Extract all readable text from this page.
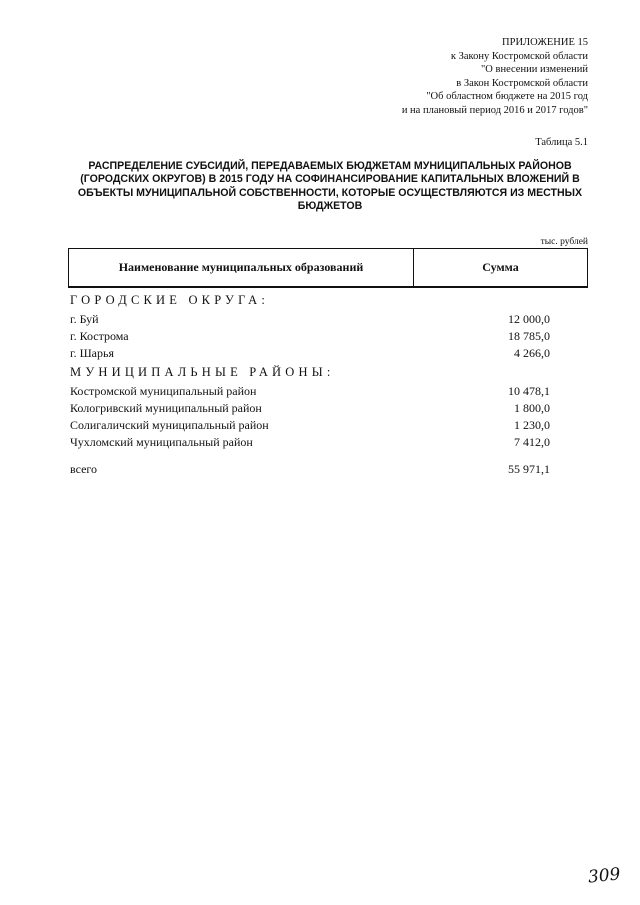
ПРИЛОЖЕНИЕ 15
к Закону Костромской области
"О внесении изменений
в Закон Костромской области
"Об областном бюджете на 2015 год
и на плановый период 2016 и 2017 годов"
Таблица 5.1
РАСПРЕДЕЛЕНИЕ СУБСИДИЙ, ПЕРЕДАВАЕМЫХ БЮДЖЕТАМ МУНИЦИПАЛЬНЫХ РАЙОНОВ (ГОРОДСКИХ ОКРУГОВ) В 2015 ГОДУ НА СОФИНАНСИРОВАНИЕ КАПИТАЛЬНЫХ ВЛОЖЕНИЙ В ОБЪЕКТЫ МУНИЦИПАЛЬНОЙ СОБСТВЕННОСТИ, КОТОРЫЕ ОСУЩЕСТВЛЯЮТСЯ ИЗ МЕСТНЫХ БЮДЖЕТОВ
тыс. рублей
Наименование муниципальных образований	Сумма
ГОРОДСКИЕ ОКРУГА:
г. Буй	12 000,0
г. Кострома	18 785,0
г. Шарья	4 266,0
МУНИЦИПАЛЬНЫЕ РАЙОНЫ:
Костромской муниципальный район	10 478,1
Кологривский муниципальный район	1 800,0
Солигаличский муниципальный район	1 230,0
Чухломский муниципальный район	7 412,0
всего	55 971,1
309
